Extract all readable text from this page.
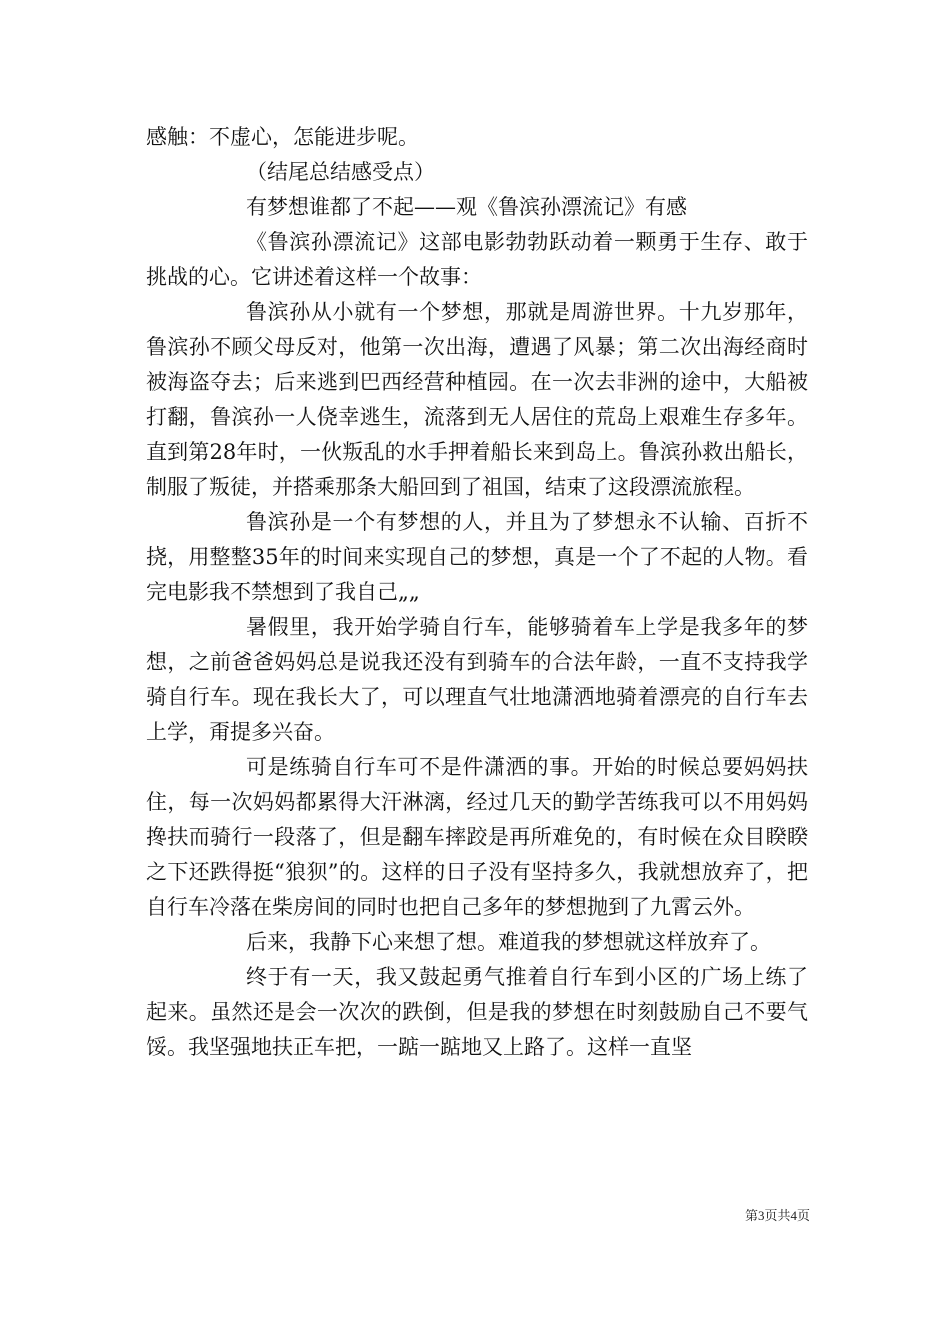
感触：不虚心，怎能进步呢。

（结尾总结感受点）

有梦想谁都了不起——观《鲁滨孙漂流记》有感

《鲁滨孙漂流记》这部电影勃勃跃动着一颗勇于生存、敢于挑战的心。它讲述着这样一个故事：

鲁滨孙从小就有一个梦想，那就是周游世界。十九岁那年，鲁滨孙不顾父母反对，他第一次出海，遭遇了风暴；第二次出海经商时被海盗夺去；后来逃到巴西经营种植园。在一次去非洲的途中，大船被打翻，鲁滨孙一人侥幸逃生，流落到无人居住的荒岛上艰难生存多年。直到第28年时，一伙叛乱的水手押着船长来到岛上。鲁滨孙救出船长，制服了叛徒，并搭乘那条大船回到了祖国，结束了这段漂流旅程。

鲁滨孙是一个有梦想的人，并且为了梦想永不认输、百折不挠，用整整35年的时间来实现自己的梦想，真是一个了不起的人物。看完电影我不禁想到了我自己„„

暑假里，我开始学骑自行车，能够骑着车上学是我多年的梦想，之前爸爸妈妈总是说我还没有到骑车的合法年龄，一直不支持我学骑自行车。现在我长大了，可以理直气壮地潇洒地骑着漂亮的自行车去上学，甭提多兴奋。

可是练骑自行车可不是件潇洒的事。开始的时候总要妈妈扶住，每一次妈妈都累得大汗淋漓，经过几天的勤学苦练我可以不用妈妈搀扶而骑行一段落了，但是翻车摔跤是再所难免的，有时候在众目睽睽之下还跌得挺“狼狈”的。这样的日子没有坚持多久，我就想放弃了，把自行车冷落在柴房间的同时也把自己多年的梦想抛到了九霄云外。

后来，我静下心来想了想。难道我的梦想就这样放弃了。

终于有一天，我又鼓起勇气推着自行车到小区的广场上练了起来。虽然还是会一次次的跌倒，但是我的梦想在时刻鼓励自己不要气馁。我坚强地扶正车把，一踮一踮地又上路了。这样一直坚

第3页共4页
